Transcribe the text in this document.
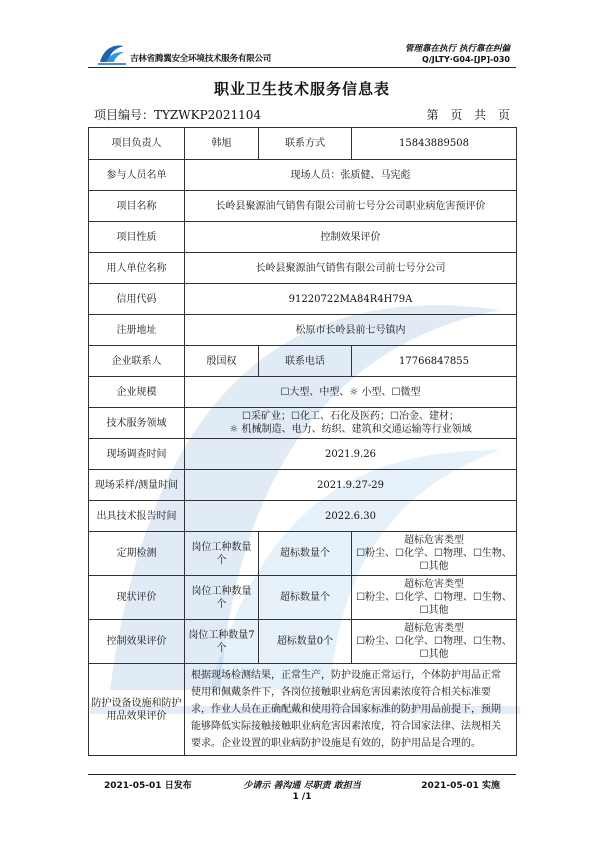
吉林省腾翼安全环境技术服务有限公司
管理靠在执行 执行靠在纠偏
Q/JLTY·G04-[JP]-030
职业卫生技术服务信息表
项目编号：TYZWKP2021104	第 页 共 页
项目负责人	韩旭	联系方式	15843889508
参与人员名单	现场人员：张质健、马宪彪		
项目名称	长岭县聚源油气销售有限公司前七号分公司职业病危害预评价		
项目性质	控制效果评价		
用人单位名称	长岭县聚源油气销售有限公司前七号分公司		
信用代码	91220722MA84R4H79A		
注册地址	松原市长岭县前七号镇内		
企业联系人	殷国权	联系电话	17766847855
企业规模	☐大型、中型、☼ 小型、☐微型		
技术服务领域	☐采矿业；☐化工、石化及医药；☐冶金、建材；
☼ 机械制造、电力、纺织、建筑和交通运输等行业领域		

现场调查时间	2021.9.26		
现场采样/测量时间	2021.9.27-29		
出具技术报告时间	2022.6.30		
定期检测	岗位工种数量个	超标数量个	超标危害类型
☐粉尘、☐化学、☐物理、☐生物、☐其他

现状评价	岗位工种数量个	超标数量个	超标危害类型
☐粉尘、☐化学、☐物理、☐生物、☐其他

控制效果评价	岗位工种数量7个	超标数量0个	超标危害类型
☐粉尘、☐化学、☐物理、☐生物、☐其他

防护设备设施和防护用品效果评价	根据现场检测结果，正常生产，防护设施正常运行，个体防护用品正常使用和佩戴条件下，各岗位接触职业病危害因素浓度符合相关标准要求，作业人员在正确配戴和使用符合国家标准的防护用品前提下，预期能够降低实际接触接触职业病危害因素浓度，符合国家法律、法规相关要求。企业设置的职业病防护设施是有效的，防护用品是合理的。		
2021-05-01 日发布	少请示 善沟通 尽职责 敢担当	2021-05-01 实施
1 /1
